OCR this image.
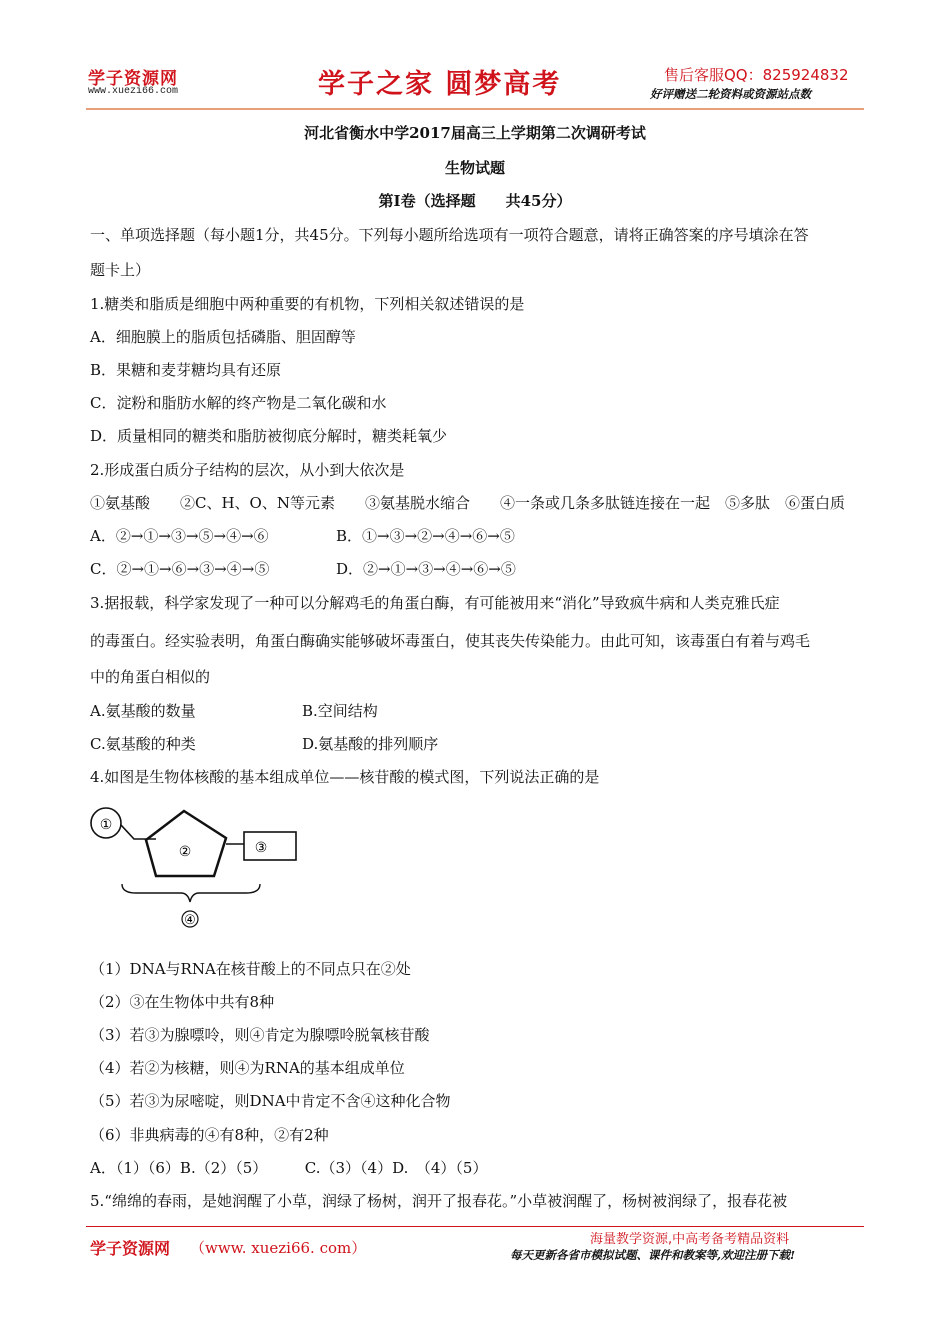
学子资源网
www.xuezi66.com	学子之家 圆梦高考	售后客服QQ：825924832
好评赠送二轮资料或资源站点数
河北省衡水中学2017届高三上学期第二次调研考试
生物试题
第Ⅰ卷（选择题　　共45分）
一、单项选择题（每小题1分，共45分。下列每小题所给选项有一项符合题意，请将正确答案的序号填涂在答
题卡上）
1.糖类和脂质是细胞中两种重要的有机物，下列相关叙述错误的是
A．细胞膜上的脂质包括磷脂、胆固醇等
B．果糖和麦芽糖均具有还原
C．淀粉和脂肪水解的终产物是二氧化碳和水
D．质量相同的糖类和脂肪被彻底分解时，糖类耗氧少
2.形成蛋白质分子结构的层次，从小到大依次是
①氨基酸　　②C、H、O、N等元素　　③氨基脱水缩合　　④一条或几条多肽链连接在一起　⑤多肽　⑥蛋白质
A．②→①→③→⑤→④→⑥	B．①→③→②→④→⑥→⑤
C．②→①→⑥→③→④→⑤	D．②→①→③→④→⑥→⑤
3.据报载，科学家发现了一种可以分解鸡毛的角蛋白酶，有可能被用来“消化”导致疯牛病和人类克雅氏症
的毒蛋白。经实验表明，角蛋白酶确实能够破坏毒蛋白，使其丧失传染能力。由此可知，该毒蛋白有着与鸡毛
中的角蛋白相似的
A.氨基酸的数量	B.空间结构
C.氨基酸的种类	D.氨基酸的排列顺序
4.如图是生物体核酸的基本组成单位——核苷酸的模式图，下列说法正确的是
①
②	③
④
（1）DNA与RNA在核苷酸上的不同点只在②处
（2）③在生物体中共有8种
（3）若③为腺嘌呤，则④肯定为腺嘌呤脱氧核苷酸
（4）若②为核糖，则④为RNA的基本组成单位
（5）若③为尿嘧啶，则DNA中肯定不含④这种化合物
（6）非典病毒的④有8种，②有2种
A．（1）（6）B.（2）（5）　　　C.（3）（4）D.　（4）（5）
5.“绵绵的春雨，是她润醒了小草，润绿了杨树，润开了报春花。”小草被润醒了，杨树被润绿了，报春花被
学子资源网 （www. xuezi66. com）	海量教学资源,中高考备考精品资料
每天更新各省市模拟试题、课件和教案等,欢迎注册下载!
